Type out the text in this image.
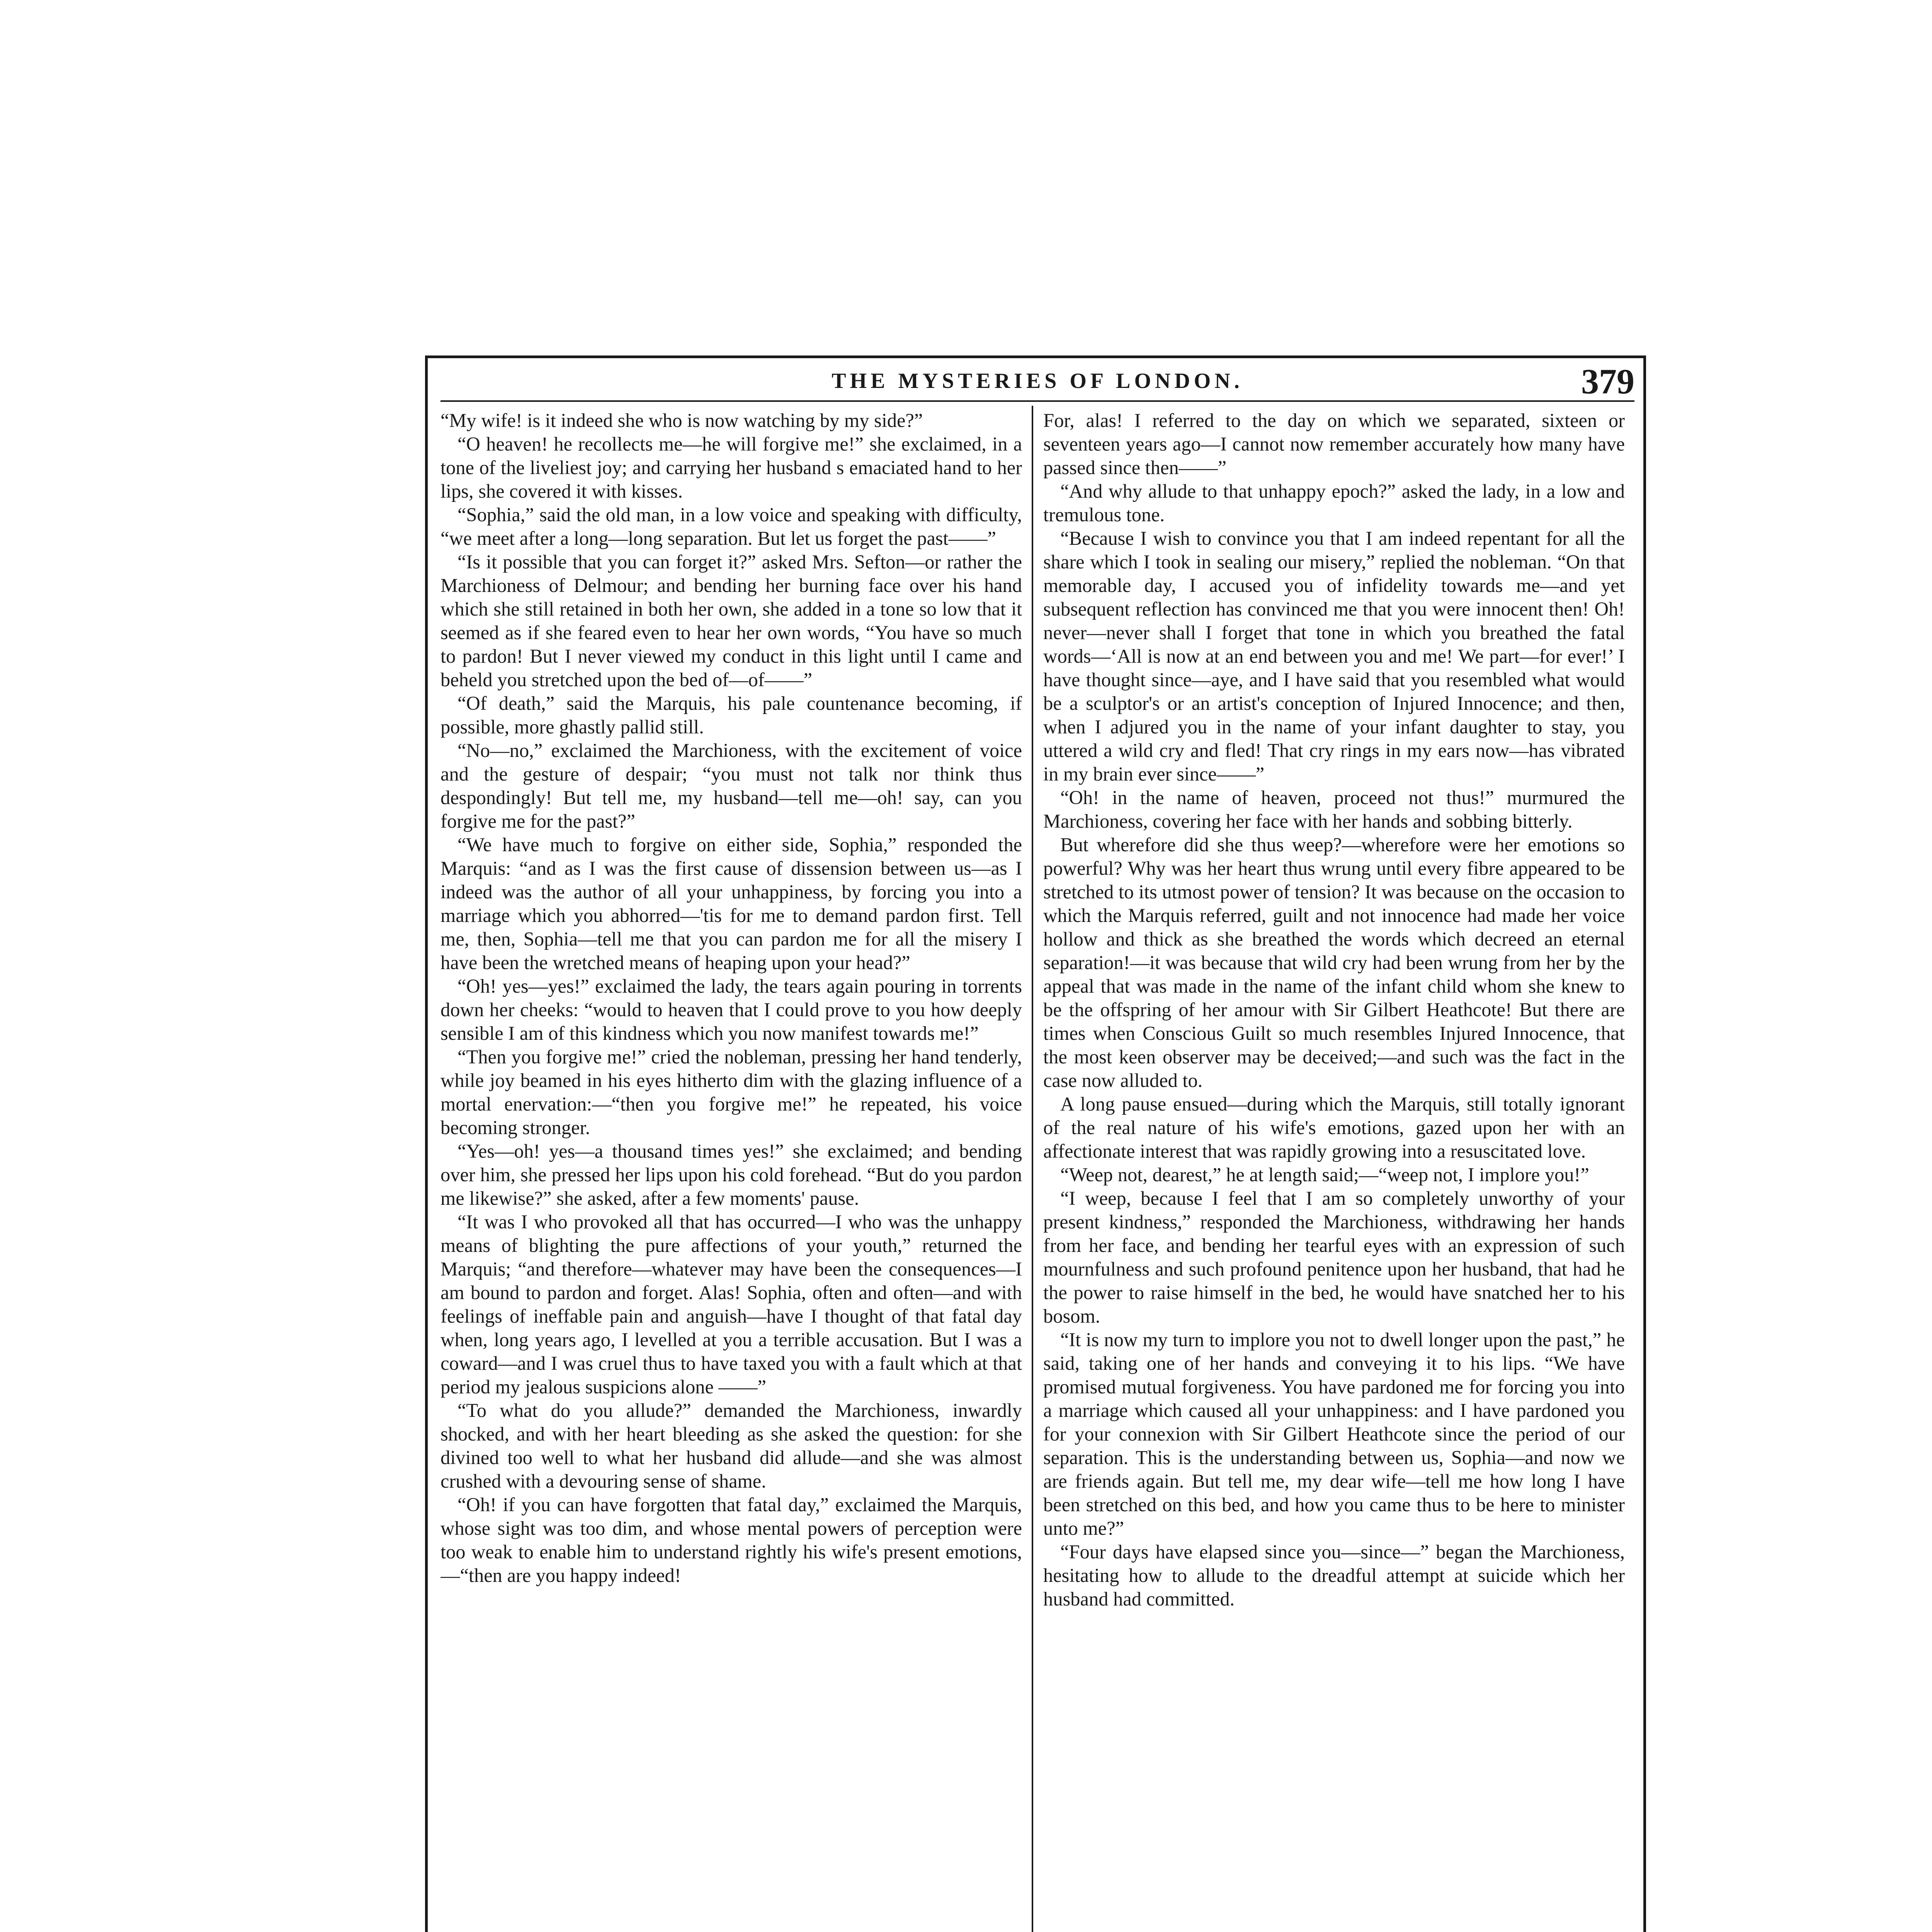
THE MYSTERIES OF LONDON.	379

“My wife! is it indeed she who is now watching by my side?”

“O heaven! he recollects me—he will forgive me!” she exclaimed, in a tone of the liveliest joy; and carrying her husband s emaciated hand to her lips, she covered it with kisses.

“Sophia,” said the old man, in a low voice and speaking with difficulty, “we meet after a long—long separation. But let us forget the past——”

“Is it possible that you can forget it?” asked Mrs. Sefton—or rather the Marchioness of Delmour; and bending her burning face over his hand which she still retained in both her own, she added in a tone so low that it seemed as if she feared even to hear her own words, “You have so much to pardon! But I never viewed my conduct in this light until I came and beheld you stretched upon the bed of—of——”

“Of death,” said the Marquis, his pale countenance becoming, if possible, more ghastly pallid still.

“No—no,” exclaimed the Marchioness, with the excitement of voice and the gesture of despair; “you must not talk nor think thus despondingly! But tell me, my husband—tell me—oh! say, can you forgive me for the past?”

“We have much to forgive on either side, Sophia,” responded the Marquis: “and as I was the first cause of dissension between us—as I indeed was the author of all your unhappiness, by forcing you into a marriage which you abhorred—'tis for me to demand pardon first. Tell me, then, Sophia—tell me that you can pardon me for all the misery I have been the wretched means of heaping upon your head?”

“Oh! yes—yes!” exclaimed the lady, the tears again pouring in torrents down her cheeks: “would to heaven that I could prove to you how deeply sensible I am of this kindness which you now manifest towards me!”

“Then you forgive me!” cried the nobleman, pressing her hand tenderly, while joy beamed in his eyes hitherto dim with the glazing influence of a mortal enervation:—“then you forgive me!” he repeated, his voice becoming stronger.

“Yes—oh! yes—a thousand times yes!” she exclaimed; and bending over him, she pressed her lips upon his cold forehead. “But do you pardon me likewise?” she asked, after a few moments' pause.

“It was I who provoked all that has occurred—I who was the unhappy means of blighting the pure affections of your youth,” returned the Marquis; “and therefore—whatever may have been the consequences—I am bound to pardon and forget. Alas! Sophia, often and often—and with feelings of ineffable pain and anguish—have I thought of that fatal day when, long years ago, I levelled at you a terrible accusation. But I was a coward—and I was cruel thus to have taxed you with a fault which at that period my jealous suspicions alone ——”

“To what do you allude?” demanded the Marchioness, inwardly shocked, and with her heart bleeding as she asked the question: for she divined too well to what her husband did allude—and she was almost crushed with a devouring sense of shame.

“Oh! if you can have forgotten that fatal day,” exclaimed the Marquis, whose sight was too dim, and whose mental powers of perception were too weak to enable him to understand rightly his wife's present emotions,—“then are you happy indeed!

For, alas! I referred to the day on which we separated, sixteen or seventeen years ago—I cannot now remember accurately how many have passed since then——”

“And why allude to that unhappy epoch?” asked the lady, in a low and tremulous tone.

“Because I wish to convince you that I am indeed repentant for all the share which I took in sealing our misery,” replied the nobleman. “On that memorable day, I accused you of infidelity towards me—and yet subsequent reflection has convinced me that you were innocent then! Oh! never—never shall I forget that tone in which you breathed the fatal words—‘All is now at an end between you and me! We part—for ever!’ I have thought since—aye, and I have said that you resembled what would be a sculptor's or an artist's conception of Injured Innocence; and then, when I adjured you in the name of your infant daughter to stay, you uttered a wild cry and fled! That cry rings in my ears now—has vibrated in my brain ever since——”

“Oh! in the name of heaven, proceed not thus!” murmured the Marchioness, covering her face with her hands and sobbing bitterly.

But wherefore did she thus weep?—wherefore were her emotions so powerful? Why was her heart thus wrung until every fibre appeared to be stretched to its utmost power of tension? It was because on the occasion to which the Marquis referred, guilt and not innocence had made her voice hollow and thick as she breathed the words which decreed an eternal separation!—it was because that wild cry had been wrung from her by the appeal that was made in the name of the infant child whom she knew to be the offspring of her amour with Sir Gilbert Heathcote! But there are times when Conscious Guilt so much resembles Injured Innocence, that the most keen observer may be deceived;—and such was the fact in the case now alluded to.

A long pause ensued—during which the Marquis, still totally ignorant of the real nature of his wife's emotions, gazed upon her with an affectionate interest that was rapidly growing into a resuscitated love.

“Weep not, dearest,” he at length said;—“weep not, I implore you!”

“I weep, because I feel that I am so completely unworthy of your present kindness,” responded the Marchioness, withdrawing her hands from her face, and bending her tearful eyes with an expression of such mournfulness and such profound penitence upon her husband, that had he the power to raise himself in the bed, he would have snatched her to his bosom.

“It is now my turn to implore you not to dwell longer upon the past,” he said, taking one of her hands and conveying it to his lips. “We have promised mutual forgiveness. You have pardoned me for forcing you into a marriage which caused all your unhappiness: and I have pardoned you for your connexion with Sir Gilbert Heathcote since the period of our separation. This is the understanding between us, Sophia—and now we are friends again. But tell me, my dear wife—tell me how long I have been stretched on this bed, and how you came thus to be here to minister unto me?”

“Four days have elapsed since you—since—” began the Marchioness, hesitating how to allude to the dreadful attempt at suicide which her husband had committed.
